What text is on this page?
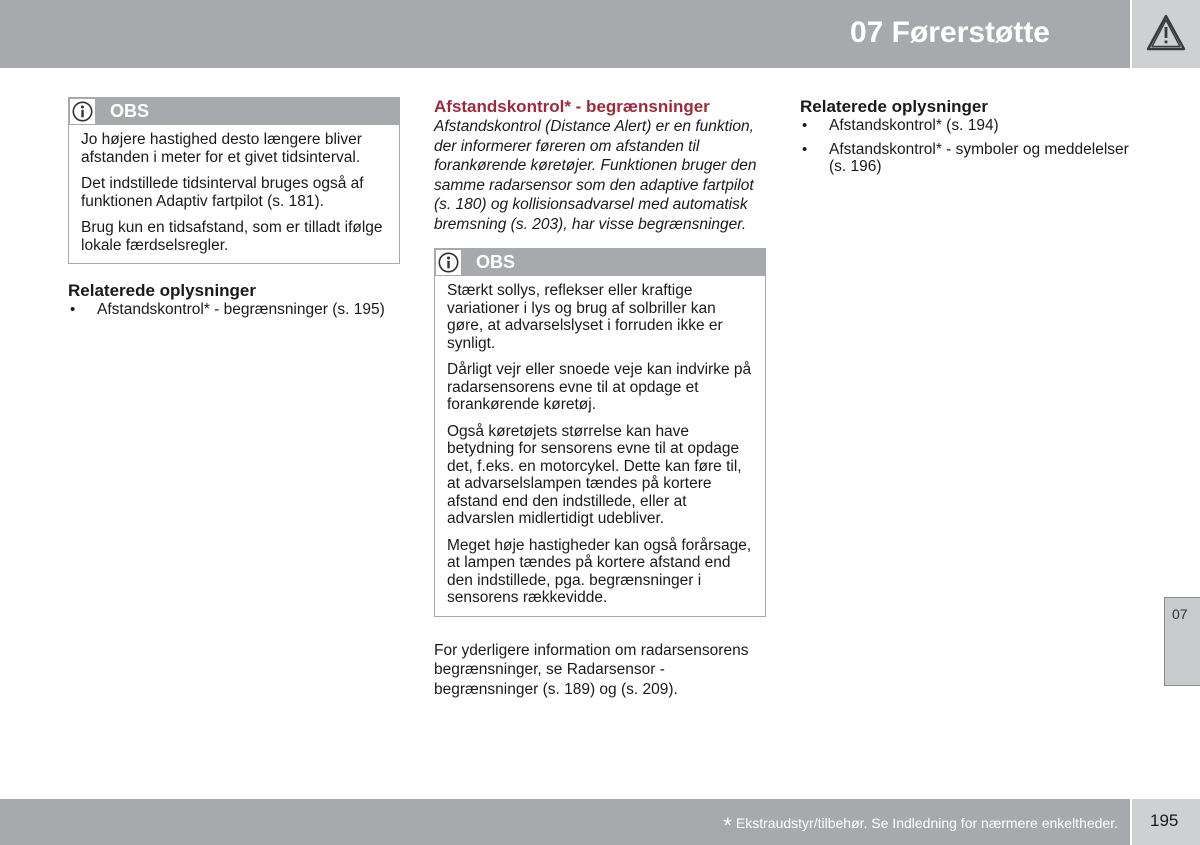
07 Førerstøtte
OBS

Jo højere hastighed desto længere bliver afstanden i meter for et givet tidsinterval.

Det indstillede tidsinterval bruges også af funktionen Adaptiv fartpilot (s. 181).

Brug kun en tidsafstand, som er tilladt ifølge lokale færdselsregler.

Relaterede oplysninger
• Afstandskontrol* - begrænsninger (s. 195)
Afstandskontrol* - begrænsninger

Afstandskontrol (Distance Alert) er en funktion, der informerer føreren om afstanden til forankørende køretøjer. Funktionen bruger den samme radarsensor som den adaptive fartpilot (s. 180) og kollisionsadvarsel med automatisk bremsning (s. 203), har visse begrænsninger.

OBS

Stærkt sollys, reflekser eller kraftige variationer i lys og brug af solbriller kan gøre, at advarselslyset i forruden ikke er synligt.

Dårligt vejr eller snoede veje kan indvirke på radarsensorens evne til at opdage et forankørende køretøj.

Også køretøjets størrelse kan have betydning for sensorens evne til at opdage det, f.eks. en motorcykel. Dette kan føre til, at advarselslampen tændes på kortere afstand end den indstillede, eller at advarslen midlertidigt udebliver.

Meget høje hastigheder kan også forårsage, at lampen tændes på kortere afstand end den indstillede, pga. begrænsninger i sensorens rækkevidde.

For yderligere information om radarsensorens begrænsninger, se Radarsensor - begrænsninger (s. 189) og (s. 209).

Relaterede oplysninger
• Afstandskontrol* (s. 194)
• Afstandskontrol* - symboler og meddelelser (s. 196)
07
* Ekstraudstyr/tilbehør. Se Indledning for nærmere enkeltheder. 195
